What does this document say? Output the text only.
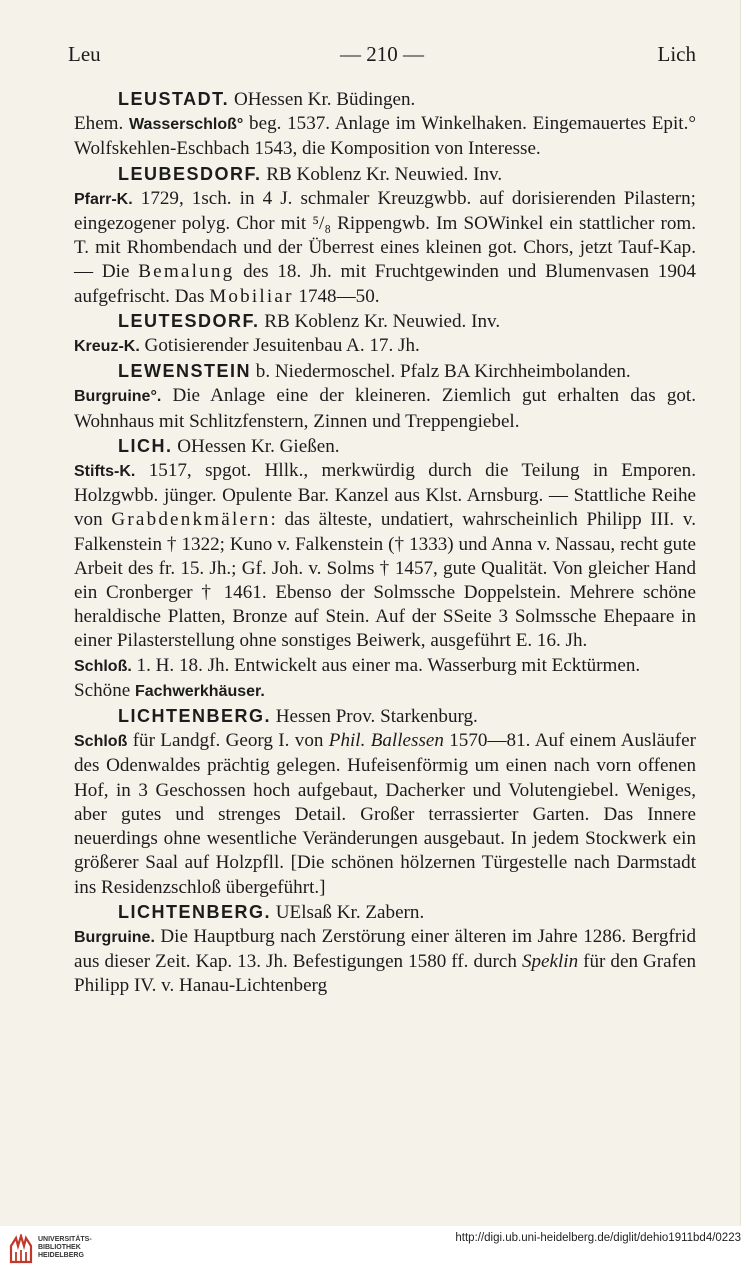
Leu	— 210 —	Lich
LEUSTADT. OHessen Kr. Büdingen.
Ehem. Wasserschloß° beg. 1537. Anlage im Winkelhaken. Eingemauertes Epit.° Wolfskehlen-Eschbach 1543, die Komposition von Interesse.
LEUBESDORF. RB Koblenz Kr. Neuwied. Inv.
Pfarr-K. 1729, 1sch. in 4 J. schmaler Kreuzgwbb. auf dorisierenden Pilastern; eingezogener polyg. Chor mit ⁵/₈ Rippengwb. Im SOWinkel ein stattlicher rom. T. mit Rhombendach und der Überrest eines kleinen got. Chors, jetzt Tauf-Kap. — Die Bemalung des 18. Jh. mit Fruchtgewinden und Blumenvasen 1904 aufgefrischt. Das Mobiliar 1748—50.
LEUTESDORF. RB Koblenz Kr. Neuwied. Inv.
Kreuz-K. Gotisierender Jesuitenbau A. 17. Jh.
LEWENSTEIN b. Niedermoschel. Pfalz BA Kirchheimbolanden.
Burgruine°. Die Anlage eine der kleineren. Ziemlich gut erhalten das got. Wohnhaus mit Schlitzfenstern, Zinnen und Treppengiebel.
LICH. OHessen Kr. Gießen.
Stifts-K. 1517, spgot. Hllk., merkwürdig durch die Teilung in Emporen. Holzgwbb. jünger. Opulente Bar. Kanzel aus Klst. Arnsburg. — Stattliche Reihe von Grabdenkmälern: das älteste, undatiert, wahrscheinlich Philipp III. v. Falkenstein † 1322; Kuno v. Falkenstein († 1333) und Anna v. Nassau, recht gute Arbeit des fr. 15. Jh.; Gf. Joh. v. Solms † 1457, gute Qualität. Von gleicher Hand ein Cronberger † 1461. Ebenso der Solmssche Doppelstein. Mehrere schöne heraldische Platten, Bronze auf Stein. Auf der SSeite 3 Solmssche Ehepaare in einer Pilasterstellung ohne sonstiges Beiwerk, ausgeführt E. 16. Jh.
Schloß. 1. H. 18. Jh. Entwickelt aus einer ma. Wasserburg mit Ecktürmen.
Schöne Fachwerkhäuser.
LICHTENBERG. Hessen Prov. Starkenburg.
Schloß für Landgf. Georg I. von Phil. Ballessen 1570—81. Auf einem Ausläufer des Odenwaldes prächtig gelegen. Hufeisenförmig um einen nach vorn offenen Hof, in 3 Geschossen hoch aufgebaut, Dacherker und Volutengiebel. Weniges, aber gutes und strenges Detail. Großer terrassierter Garten. Das Innere neuerdings ohne wesentliche Veränderungen ausgebaut. In jedem Stockwerk ein größerer Saal auf Holzpfll. [Die schönen hölzernen Türgestelle nach Darmstadt ins Residenzschloß übergeführt.]
LICHTENBERG. UElsaß Kr. Zabern.
Burgruine. Die Hauptburg nach Zerstörung einer älteren im Jahre 1286. Bergfrid aus dieser Zeit. Kap. 13. Jh. Befestigungen 1580 ff. durch Speklin für den Grafen Philipp IV. v. Hanau-Lichtenberg
UNIVERSITÄTS-
BIBLIOTHEK
HEIDELBERG
http://digi.ub.uni-heidelberg.de/diglit/dehio1911bd4/0223
